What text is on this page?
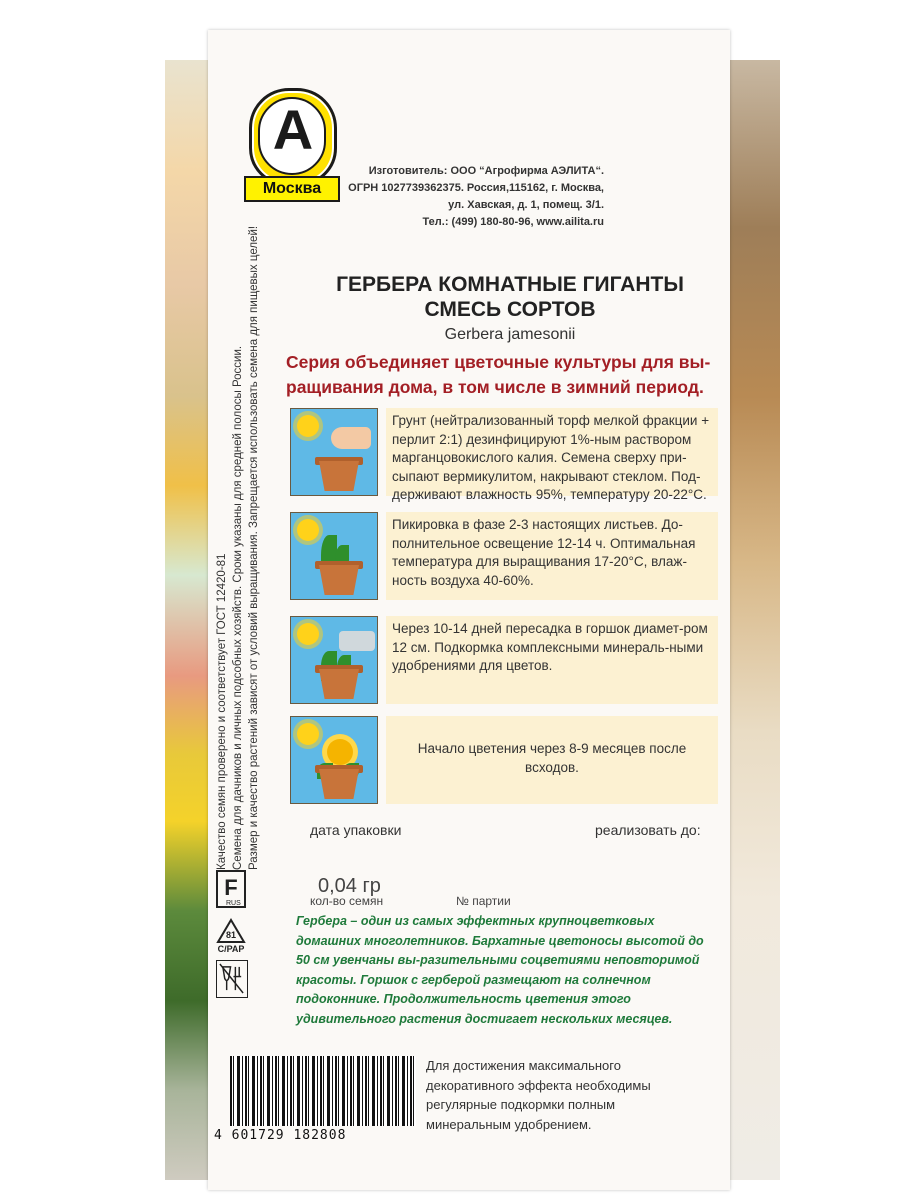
А
Москва
Изготовитель: ООО “Агрофирма АЭЛИТА“.
ОГРН 1027739362375. Россия,115162, г. Москва,
ул. Хавская, д. 1, помещ. 3/1.
Тел.: (499) 180-80-96, www.ailita.ru
ГЕРБЕРА КОМНАТНЫЕ ГИГАНТЫ
СМЕСЬ СОРТОВ
Gerbera jamesonii
Серия объединяет цветочные культуры для вы-ращивания дома, в том числе в зимний период.
Грунт (нейтрализованный торф мелкой фракции + перлит 2:1) дезинфицируют 1%-ным раствором марганцовокислого калия. Семена сверху при-сыпают вермикулитом, накрывают стеклом. Под-держивают влажность 95%, температуру 20-22°С.
Пикировка в фазе 2-3 настоящих листьев. До-полнительное освещение 12-14 ч. Оптимальная температура для выращивания 17-20°С, влаж-ность воздуха 40-60%.
Через 10-14 дней пересадка в горшок диамет-ром 12 см. Подкормка комплексными минераль-ными удобрениями для цветов.
Начало цветения через 8-9 месяцев после всходов.
дата упаковки	реализовать до:
0,04 гр
кол-во семян	№ партии
Гербера – один из самых эффектных крупноцветковых домашних многолетников. Бархатные цветоносы высотой до 50 см увенчаны вы-разительными соцветиями неповторимой красоты. Горшок с герберой размещают на солнечном подоконнике. Продолжительность цветения этого удивительного растения достигает нескольких месяцев.
Качество семян проверено и соответствует ГОСТ 12420-81 Семена для дачников и личных подсобных хозяйств. Сроки указаны для средней полосы России. Размер и качество растений зависят от условий выращивания. Запрещается использовать семена для пищевых целей!
F
RUS
81
C/PAP
4 601729 182808
Для достижения максимального декоративного эффекта необходимы регулярные подкормки полным минеральным удобрением.
